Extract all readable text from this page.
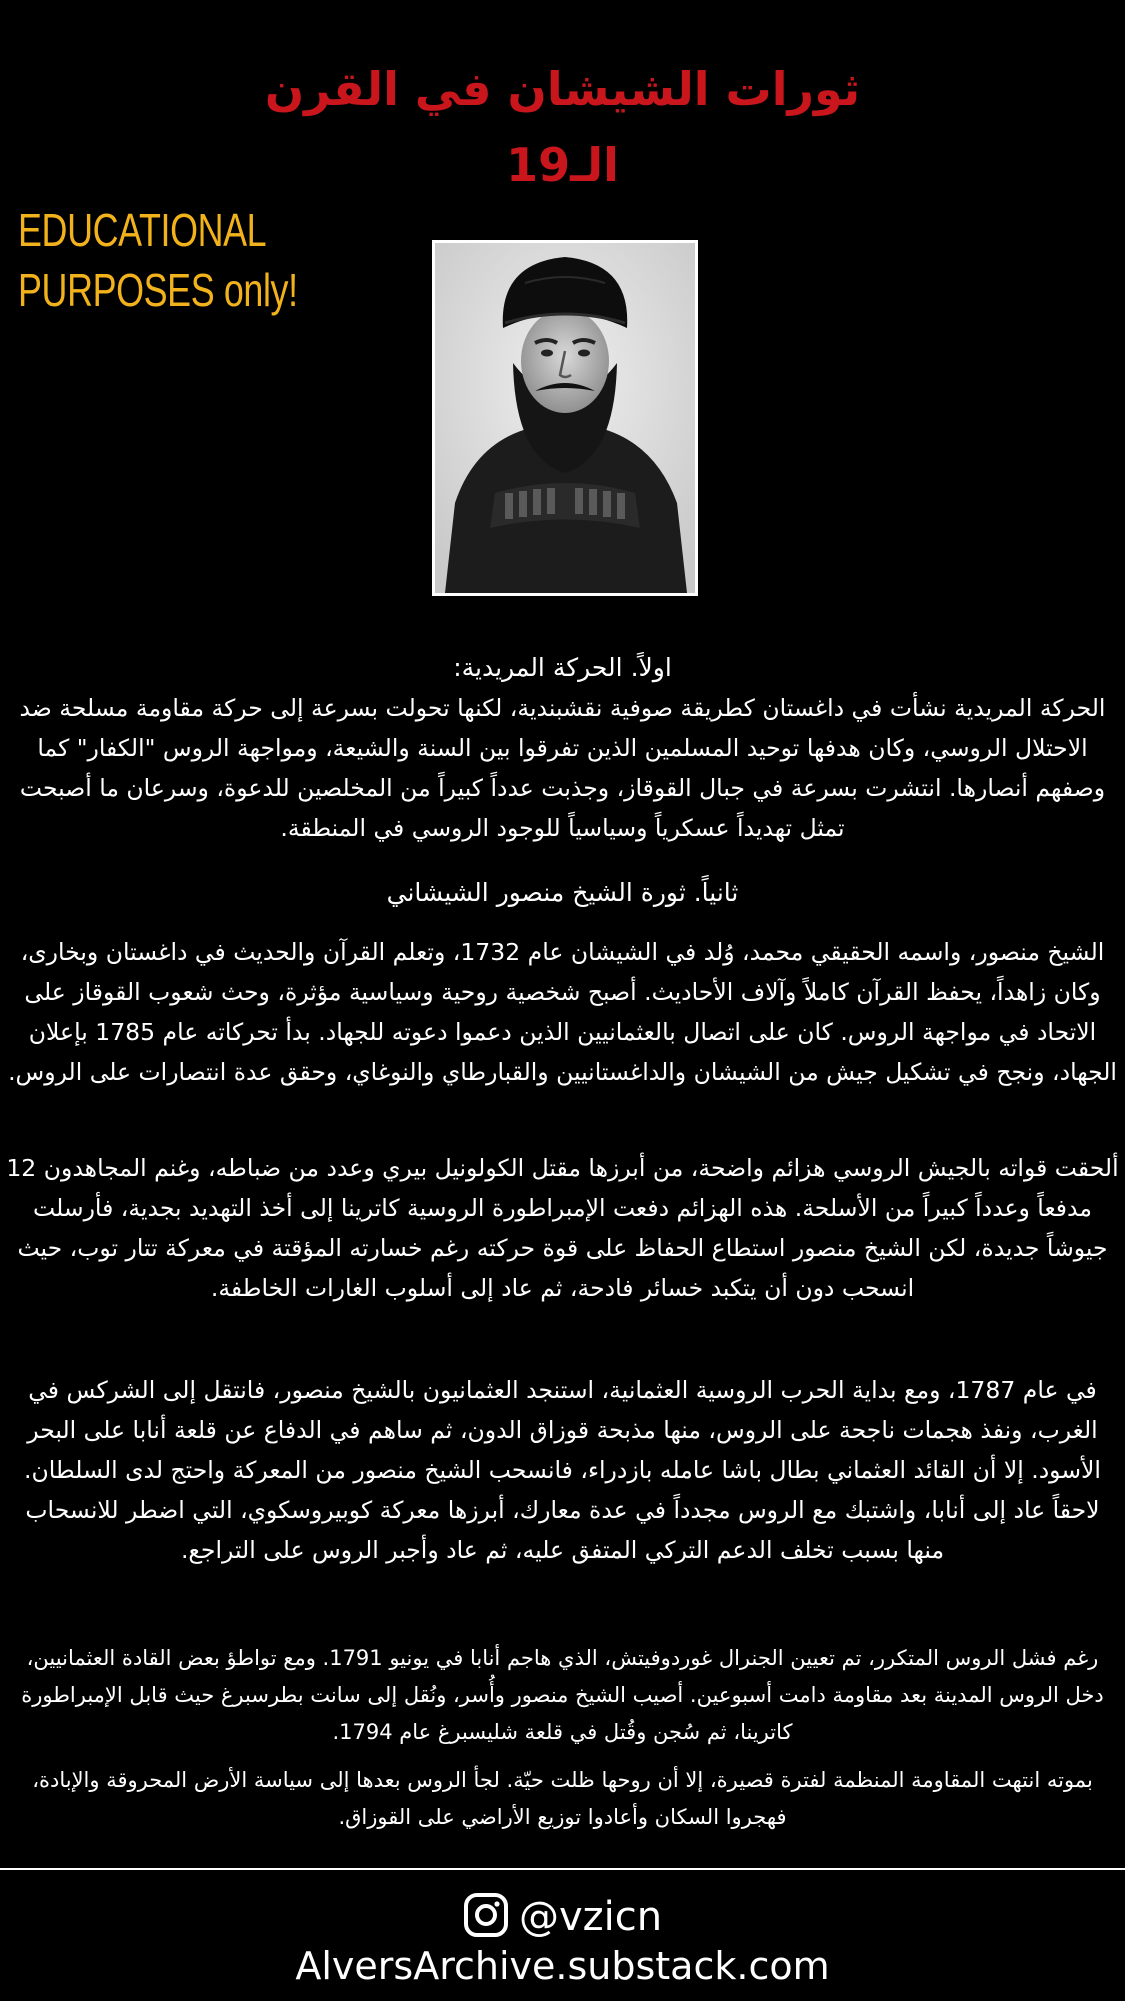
ثورات الشيشان في القرن
الـ19
EDUCATIONAL
PURPOSES only!
اولاً. الحركة المريدية:
الحركة المريدية نشأت في داغستان كطريقة صوفية نقشبندية، لكنها تحولت بسرعة إلى حركة مقاومة مسلحة ضد الاحتلال الروسي، وكان هدفها توحيد المسلمين الذين تفرقوا بين السنة والشيعة، ومواجهة الروس "الكفار" كما وصفهم أنصارها. انتشرت بسرعة في جبال القوقاز، وجذبت عدداً كبيراً من المخلصين للدعوة، وسرعان ما أصبحت تمثل تهديداً عسكرياً وسياسياً للوجود الروسي في المنطقة.
ثانياً. ثورة الشيخ منصور الشيشاني
الشيخ منصور، واسمه الحقيقي محمد، وُلد في الشيشان عام 1732، وتعلم القرآن والحديث في داغستان وبخارى، وكان زاهداً، يحفظ القرآن كاملاً وآلاف الأحاديث. أصبح شخصية روحية وسياسية مؤثرة، وحث شعوب القوقاز على الاتحاد في مواجهة الروس. كان على اتصال بالعثمانيين الذين دعموا دعوته للجهاد. بدأ تحركاته عام 1785 بإعلان الجهاد، ونجح في تشكيل جيش من الشيشان والداغستانيين والقبارطاي والنوغاي، وحقق عدة انتصارات على الروس.
ألحقت قواته بالجيش الروسي هزائم واضحة، من أبرزها مقتل الكولونيل بيري وعدد من ضباطه، وغنم المجاهدون 12 مدفعاً وعدداً كبيراً من الأسلحة. هذه الهزائم دفعت الإمبراطورة الروسية كاترينا إلى أخذ التهديد بجدية، فأرسلت جيوشاً جديدة، لكن الشيخ منصور استطاع الحفاظ على قوة حركته رغم خسارته المؤقتة في معركة تتار توب، حيث انسحب دون أن يتكبد خسائر فادحة، ثم عاد إلى أسلوب الغارات الخاطفة.
في عام 1787، ومع بداية الحرب الروسية العثمانية، استنجد العثمانيون بالشيخ منصور، فانتقل إلى الشركس في الغرب، ونفذ هجمات ناجحة على الروس، منها مذبحة قوزاق الدون، ثم ساهم في الدفاع عن قلعة أنابا على البحر الأسود. إلا أن القائد العثماني بطال باشا عامله بازدراء، فانسحب الشيخ منصور من المعركة واحتج لدى السلطان. لاحقاً عاد إلى أنابا، واشتبك مع الروس مجدداً في عدة معارك، أبرزها معركة كوبيروسكوي، التي اضطر للانسحاب منها بسبب تخلف الدعم التركي المتفق عليه، ثم عاد وأجبر الروس على التراجع.
رغم فشل الروس المتكرر، تم تعيين الجنرال غوردوفيتش، الذي هاجم أنابا في يونيو 1791. ومع تواطؤ بعض القادة العثمانيين، دخل الروس المدينة بعد مقاومة دامت أسبوعين. أصيب الشيخ منصور وأُسر، ونُقل إلى سانت بطرسبرغ حيث قابل الإمبراطورة كاترينا، ثم سُجن وقُتل في قلعة شليسبرغ عام 1794.
بموته انتهت المقاومة المنظمة لفترة قصيرة، إلا أن روحها ظلت حيّة. لجأ الروس بعدها إلى سياسة الأرض المحروقة والإبادة، فهجروا السكان وأعادوا توزيع الأراضي على القوزاق.
@vzicn
AlversArchive.substack.com
